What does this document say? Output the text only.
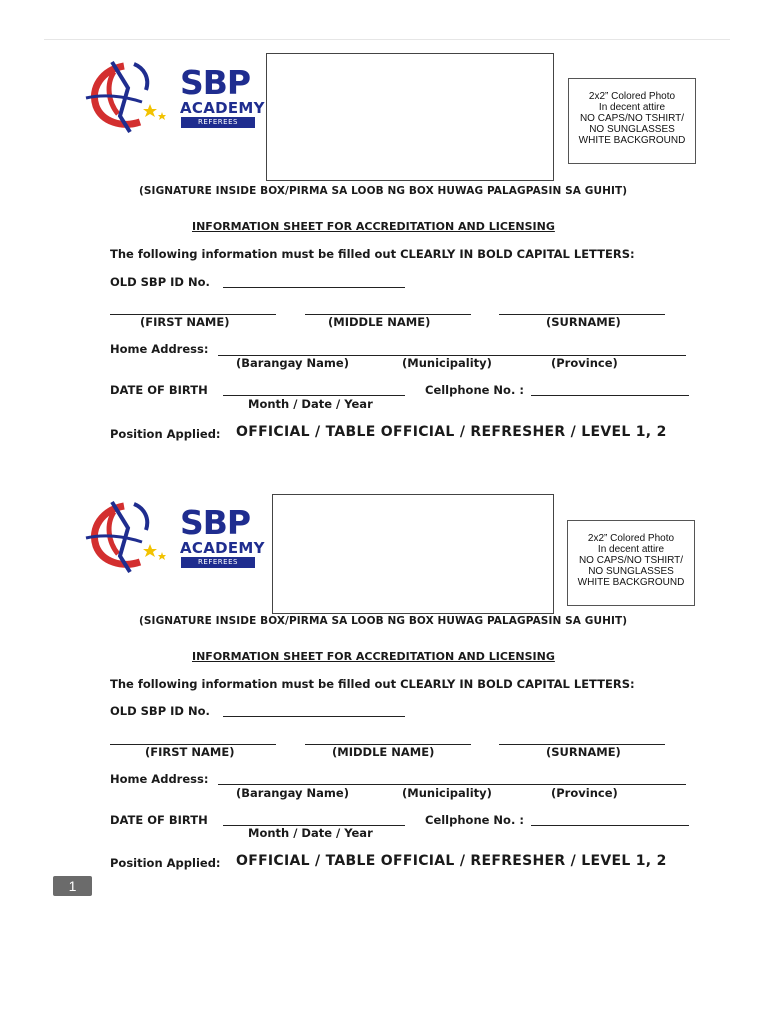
SBP
ACADEMY
REFEREES
2x2” Colored Photo
In decent attire
NO CAPS/NO TSHIRT/
NO SUNGLASSES
WHITE BACKGROUND
(SIGNATURE INSIDE BOX/PIRMA SA LOOB NG BOX HUWAG PALAGPASIN SA GUHIT)
INFORMATION SHEET FOR ACCREDITATION AND LICENSING
The following information must be filled out CLEARLY IN BOLD CAPITAL LETTERS:
OLD SBP ID No.
(FIRST NAME)	(MIDDLE NAME)	(SURNAME)
Home Address:
(Barangay Name)	(Municipality)	(Province)
DATE OF BIRTH
Month / Date / Year
Cellphone No. :
Position Applied: OFFICIAL / TABLE OFFICIAL / REFRESHER / LEVEL 1, 2
SBP
ACADEMY
REFEREES
2x2” Colored Photo
In decent attire
NO CAPS/NO TSHIRT/
NO SUNGLASSES
WHITE BACKGROUND
(SIGNATURE INSIDE BOX/PIRMA SA LOOB NG BOX HUWAG PALAGPASIN SA GUHIT)
INFORMATION SHEET FOR ACCREDITATION AND LICENSING
The following information must be filled out CLEARLY IN BOLD CAPITAL LETTERS:
OLD SBP ID No.
(FIRST NAME)	(MIDDLE NAME)	(SURNAME)
Home Address:
(Barangay Name)	(Municipality)	(Province)
DATE OF BIRTH
Month / Date / Year
Cellphone No. :
Position Applied: OFFICIAL / TABLE OFFICIAL / REFRESHER / LEVEL 1, 2
1
